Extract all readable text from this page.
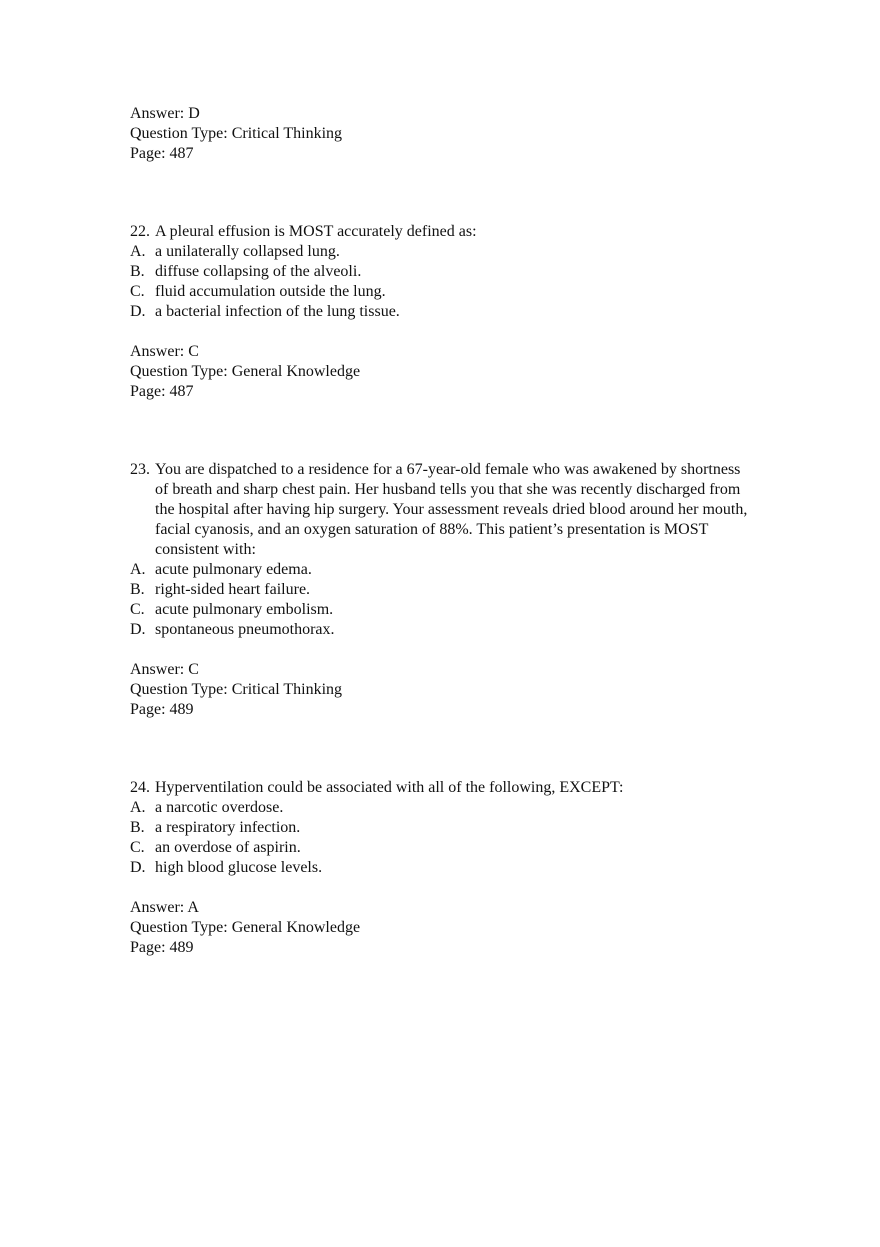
Answer: D
Question Type: Critical Thinking
Page: 487
22. A pleural effusion is MOST accurately defined as:
A. a unilaterally collapsed lung.
B. diffuse collapsing of the alveoli.
C. fluid accumulation outside the lung.
D. a bacterial infection of the lung tissue.
Answer: C
Question Type: General Knowledge
Page: 487
23. You are dispatched to a residence for a 67-year-old female who was awakened by shortness of breath and sharp chest pain. Her husband tells you that she was recently discharged from the hospital after having hip surgery. Your assessment reveals dried blood around her mouth, facial cyanosis, and an oxygen saturation of 88%. This patient’s presentation is MOST consistent with:
A. acute pulmonary edema.
B. right-sided heart failure.
C. acute pulmonary embolism.
D. spontaneous pneumothorax.
Answer: C
Question Type: Critical Thinking
Page: 489
24. Hyperventilation could be associated with all of the following, EXCEPT:
A. a narcotic overdose.
B. a respiratory infection.
C. an overdose of aspirin.
D. high blood glucose levels.
Answer: A
Question Type: General Knowledge
Page: 489
